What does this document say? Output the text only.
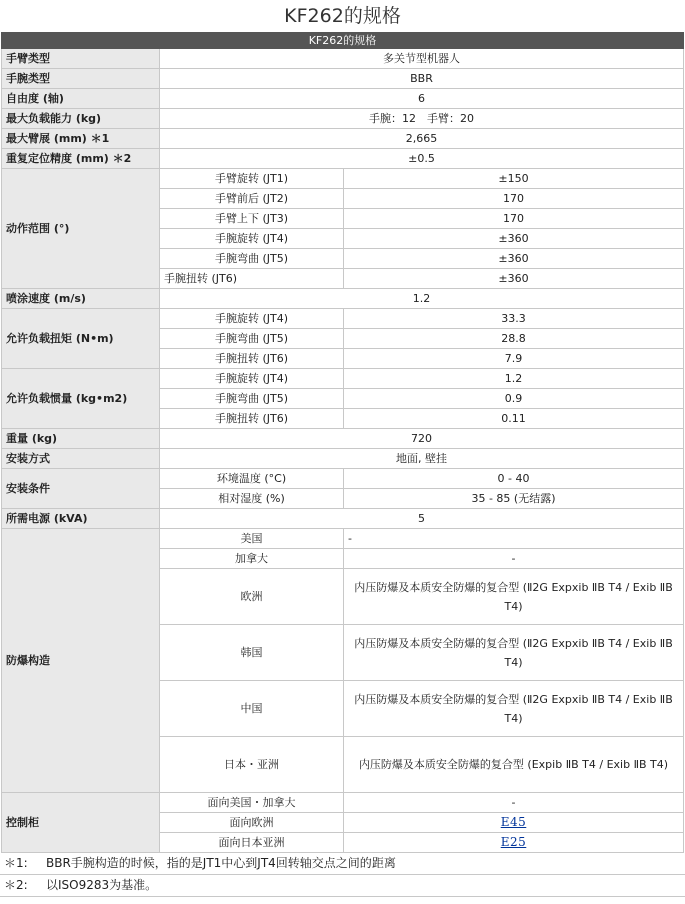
KF262的规格
KF262的规格		
手臂类型	多关节型机器人	
手腕类型	BBR	
自由度 (轴)	6	
最大负载能力 (kg)	手腕：12　手臂：20	
最大臂展 (mm) ＊1	2,665	
重复定位精度 (mm) ＊2	±0.5	
动作范围 (°)	手臂旋转 (JT1)	±150
	手臂前后 (JT2)	170
	手臂上下 (JT3)	170
	手腕旋转 (JT4)	±360
	手腕弯曲 (JT5)	±360
	手腕扭转 (JT6)	±360
喷涂速度 (m/s)	1.2	
允许负载扭矩 (N•m)	手腕旋转 (JT4)	33.3
	手腕弯曲 (JT5)	28.8
	手腕扭转 (JT6)	7.9
允许负载惯量 (kg•m2)	手腕旋转 (JT4)	1.2
	手腕弯曲 (JT5)	0.9
	手腕扭转 (JT6)	0.11
重量 (kg)	720	
安装方式	地面, 壁挂	
安装条件	环境温度 (°C)	0 - 40
	相对湿度 (%)	35 - 85 (无结露)
所需电源 (kVA)	5	
防爆构造	美国	-
	加拿大	-
	欧洲	内压防爆及本质安全防爆的复合型 (Ⅱ2G Expxib ⅡB T4 / Exib ⅡB T4)
	韩国	内压防爆及本质安全防爆的复合型 (Ⅱ2G Expxib ⅡB T4 / Exib ⅡB T4)
	中国	内压防爆及本质安全防爆的复合型 (Ⅱ2G Expxib ⅡB T4 / Exib ⅡB T4)
	日本・亚洲	内压防爆及本质安全防爆的复合型 (Expib ⅡB T4 / Exib ⅡB T4)
控制柜	面向美国・加拿大	-
	面向欧洲	E45
	面向日本亚洲	E25
＊1: BBR手腕构造的时候，指的是JT1中心到JT4回转轴交点之间的距离
＊2: 以ISO9283为基准。
